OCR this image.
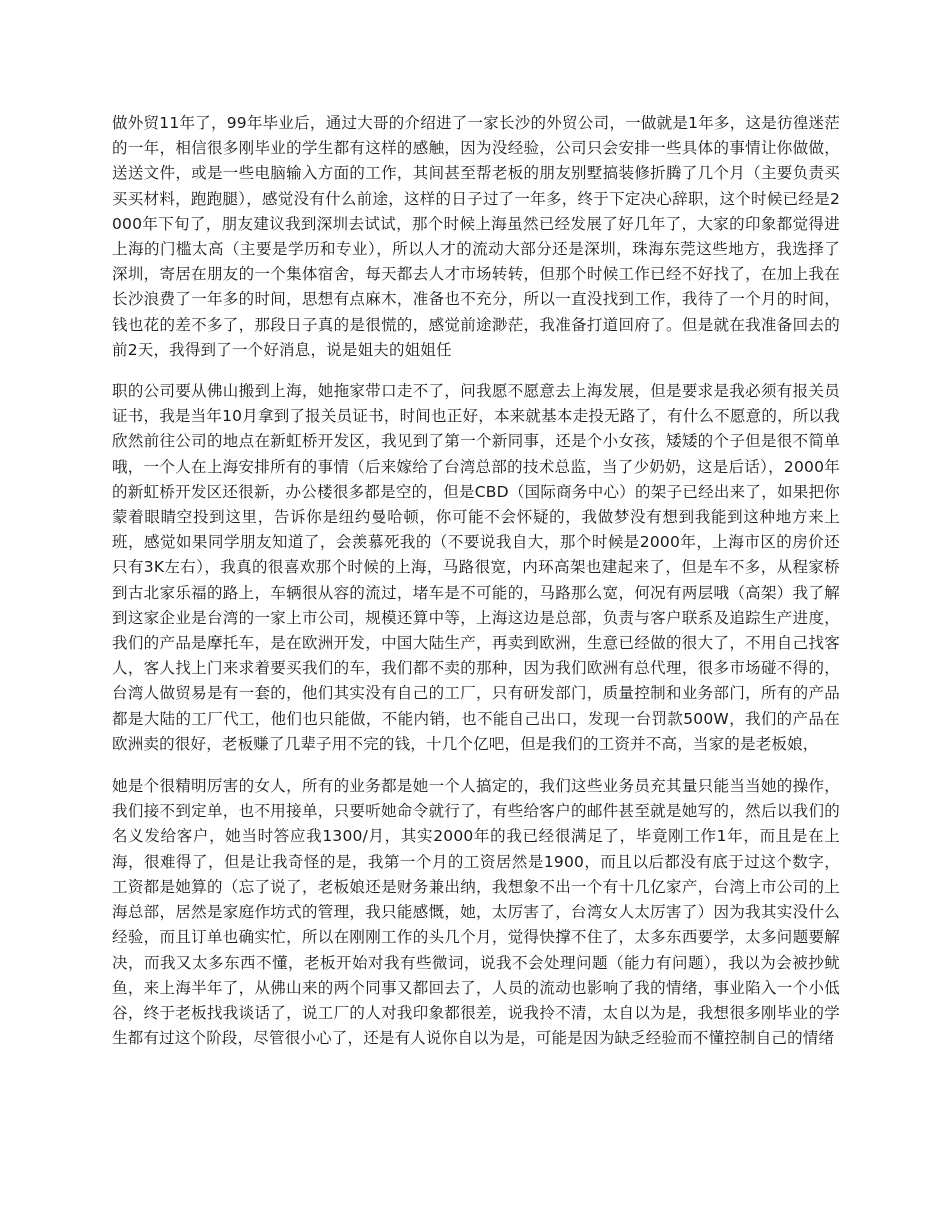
做外贸11年了，99年毕业后，通过大哥的介绍进了一家长沙的外贸公司，一做就是1年多，这是彷徨迷茫的一年，相信很多刚毕业的学生都有这样的感触，因为没经验，公司只会安排一些具体的事情让你做做，送送文件，或是一些电脑输入方面的工作，其间甚至帮老板的朋友别墅搞装修折腾了几个月（主要负责买买买材料，跑跑腿），感觉没有什么前途，这样的日子过了一年多，终于下定决心辞职，这个时候已经是2000年下旬了，朋友建议我到深圳去试试，那个时候上海虽然已经发展了好几年了，大家的印象都觉得进上海的门槛太高（主要是学历和专业），所以人才的流动大部分还是深圳，珠海东莞这些地方，我选择了深圳，寄居在朋友的一个集体宿舍，每天都去人才市场转转，但那个时候工作已经不好找了，在加上我在长沙浪费了一年多的时间，思想有点麻木，准备也不充分，所以一直没找到工作，我待了一个月的时间，钱也花的差不多了，那段日子真的是很慌的，感觉前途渺茫，我准备打道回府了。但是就在我准备回去的前2天，我得到了一个好消息，说是姐夫的姐姐任

职的公司要从佛山搬到上海，她拖家带口走不了，问我愿不愿意去上海发展，但是要求是我必须有报关员证书，我是当年10月拿到了报关员证书，时间也正好，本来就基本走投无路了，有什么不愿意的，所以我欣然前往公司的地点在新虹桥开发区，我见到了第一个新同事，还是个小女孩，矮矮的个子但是很不简单哦，一个人在上海安排所有的事情（后来嫁给了台湾总部的技术总监，当了少奶奶，这是后话），2000年的新虹桥开发区还很新，办公楼很多都是空的，但是CBD（国际商务中心）的架子已经出来了，如果把你蒙着眼睛空投到这里，告诉你是纽约曼哈顿，你可能不会怀疑的，我做梦没有想到我能到这种地方来上班，感觉如果同学朋友知道了，会羡慕死我的（不要说我自大，那个时候是2000年，上海市区的房价还只有3K左右），我真的很喜欢那个时候的上海，马路很宽，内环高架也建起来了，但是车不多，从程家桥到古北家乐福的路上，车辆很从容的流过，堵车是不可能的，马路那么宽，何况有两层哦（高架）我了解到这家企业是台湾的一家上市公司，规模还算中等，上海这边是总部，负责与客户联系及追踪生产进度，我们的产品是摩托车，是在欧洲开发，中国大陆生产，再卖到欧洲，生意已经做的很大了，不用自己找客人，客人找上门来求着要买我们的车，我们都不卖的那种，因为我们欧洲有总代理，很多市场碰不得的，台湾人做贸易是有一套的，他们其实没有自己的工厂，只有研发部门，质量控制和业务部门，所有的产品都是大陆的工厂代工，他们也只能做，不能内销，也不能自己出口，发现一台罚款500W，我们的产品在欧洲卖的很好，老板赚了几辈子用不完的钱，十几个亿吧，但是我们的工资并不高，当家的是老板娘，

她是个很精明厉害的女人，所有的业务都是她一个人搞定的，我们这些业务员充其量只能当当她的操作，我们接不到定单，也不用接单，只要听她命令就行了，有些给客户的邮件甚至就是她写的，然后以我们的名义发给客户，她当时答应我1300/月，其实2000年的我已经很满足了，毕竟刚工作1年，而且是在上海，很难得了，但是让我奇怪的是，我第一个月的工资居然是1900，而且以后都没有底于过这个数字，工资都是她算的（忘了说了，老板娘还是财务兼出纳，我想象不出一个有十几亿家产，台湾上市公司的上海总部，居然是家庭作坊式的管理，我只能感慨，她，太厉害了，台湾女人太厉害了）因为我其实没什么经验，而且订单也确实忙，所以在刚刚工作的头几个月，觉得快撑不住了，太多东西要学，太多问题要解决，而我又太多东西不懂，老板开始对我有些微词，说我不会处理问题（能力有问题），我以为会被抄鱿鱼，来上海半年了，从佛山来的两个同事又都回去了，人员的流动也影响了我的情绪，事业陷入一个小低谷，终于老板找我谈话了，说工厂的人对我印象都很差，说我拎不清，太自以为是，我想很多刚毕业的学生都有过这个阶段，尽管很小心了，还是有人说你自以为是，可能是因为缺乏经验而不懂控制自己的情绪
